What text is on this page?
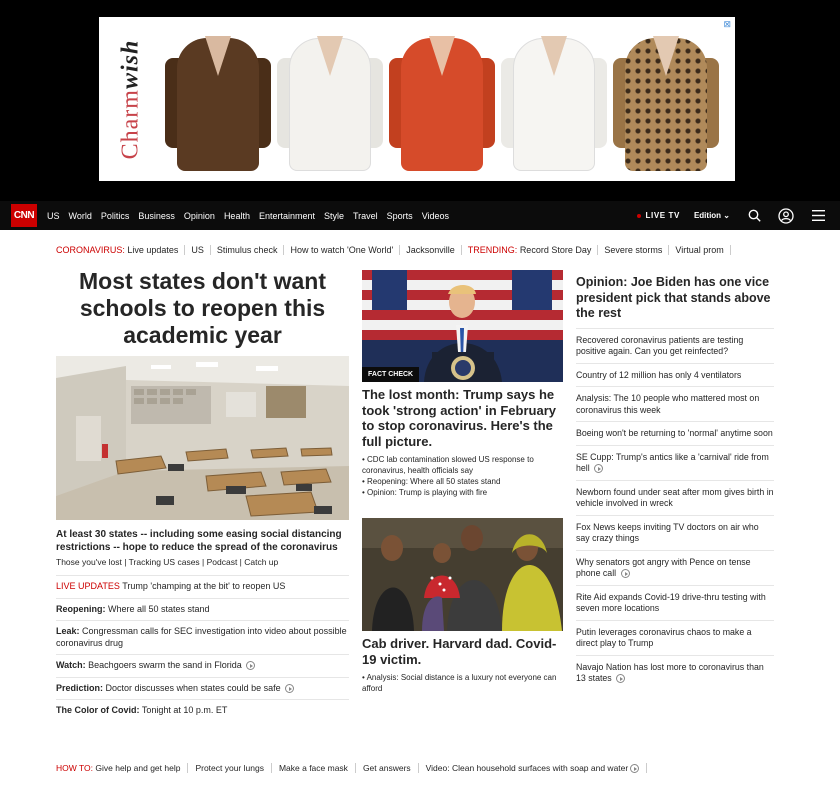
Charmwish
⊠
CNN	US World Politics Business Opinion Health Entertainment Style Travel Sports Videos	LIVE TV Edition ⌄
CORONAVIRUS:
Live updates US Stimulus check How to watch 'One World' Jacksonville TRENDING:
Record Store Day Severe storms Virtual prom
Most states don't want schools to reopen this academic year
At least 30 states -- including some easing social distancing restrictions -- hope to reduce the spread of the coronavirus
Those you've lost | Tracking US cases | Podcast | Catch up
LIVE UPDATES Trump 'champing at the bit' to reopen US
Reopening: Where all 50 states stand
Leak: Congressman calls for SEC investigation into video about possible coronavirus drug
Watch: Beachgoers swarm the sand in Florida
Prediction: Doctor discusses when states could be safe
The Color of Covid: Tonight at 10 p.m. ET
FACT CHECK
The lost month: Trump says he took 'strong action' in February to stop coronavirus. Here's the full picture.
• CDC lab contamination slowed US response to coronavirus, health officials say
• Reopening: Where all 50 states stand
• Opinion: Trump is playing with fire
Cab driver. Harvard dad. Covid-19 victim.
• Analysis: Social distance is a luxury not everyone can afford
Opinion: Joe Biden has one vice president pick that stands above the rest
Recovered coronavirus patients are testing positive again. Can you get reinfected?
Country of 12 million has only 4 ventilators
Analysis: The 10 people who mattered most on coronavirus this week
Boeing won't be returning to 'normal' anytime soon
SE Cupp: Trump's antics like a 'carnival' ride from hell
Newborn found under seat after mom gives birth in vehicle involved in wreck
Fox News keeps inviting TV doctors on air who say crazy things
Why senators got angry with Pence on tense phone call
Rite Aid expands Covid-19 drive-thru testing with seven more locations
Putin leverages coronavirus chaos to make a direct play to Trump
Navajo Nation has lost more to coronavirus than 13 states
HOW TO:
Give help and get help Protect your lungs Make a face mask Get answers Video: Clean household surfaces with soap and water
